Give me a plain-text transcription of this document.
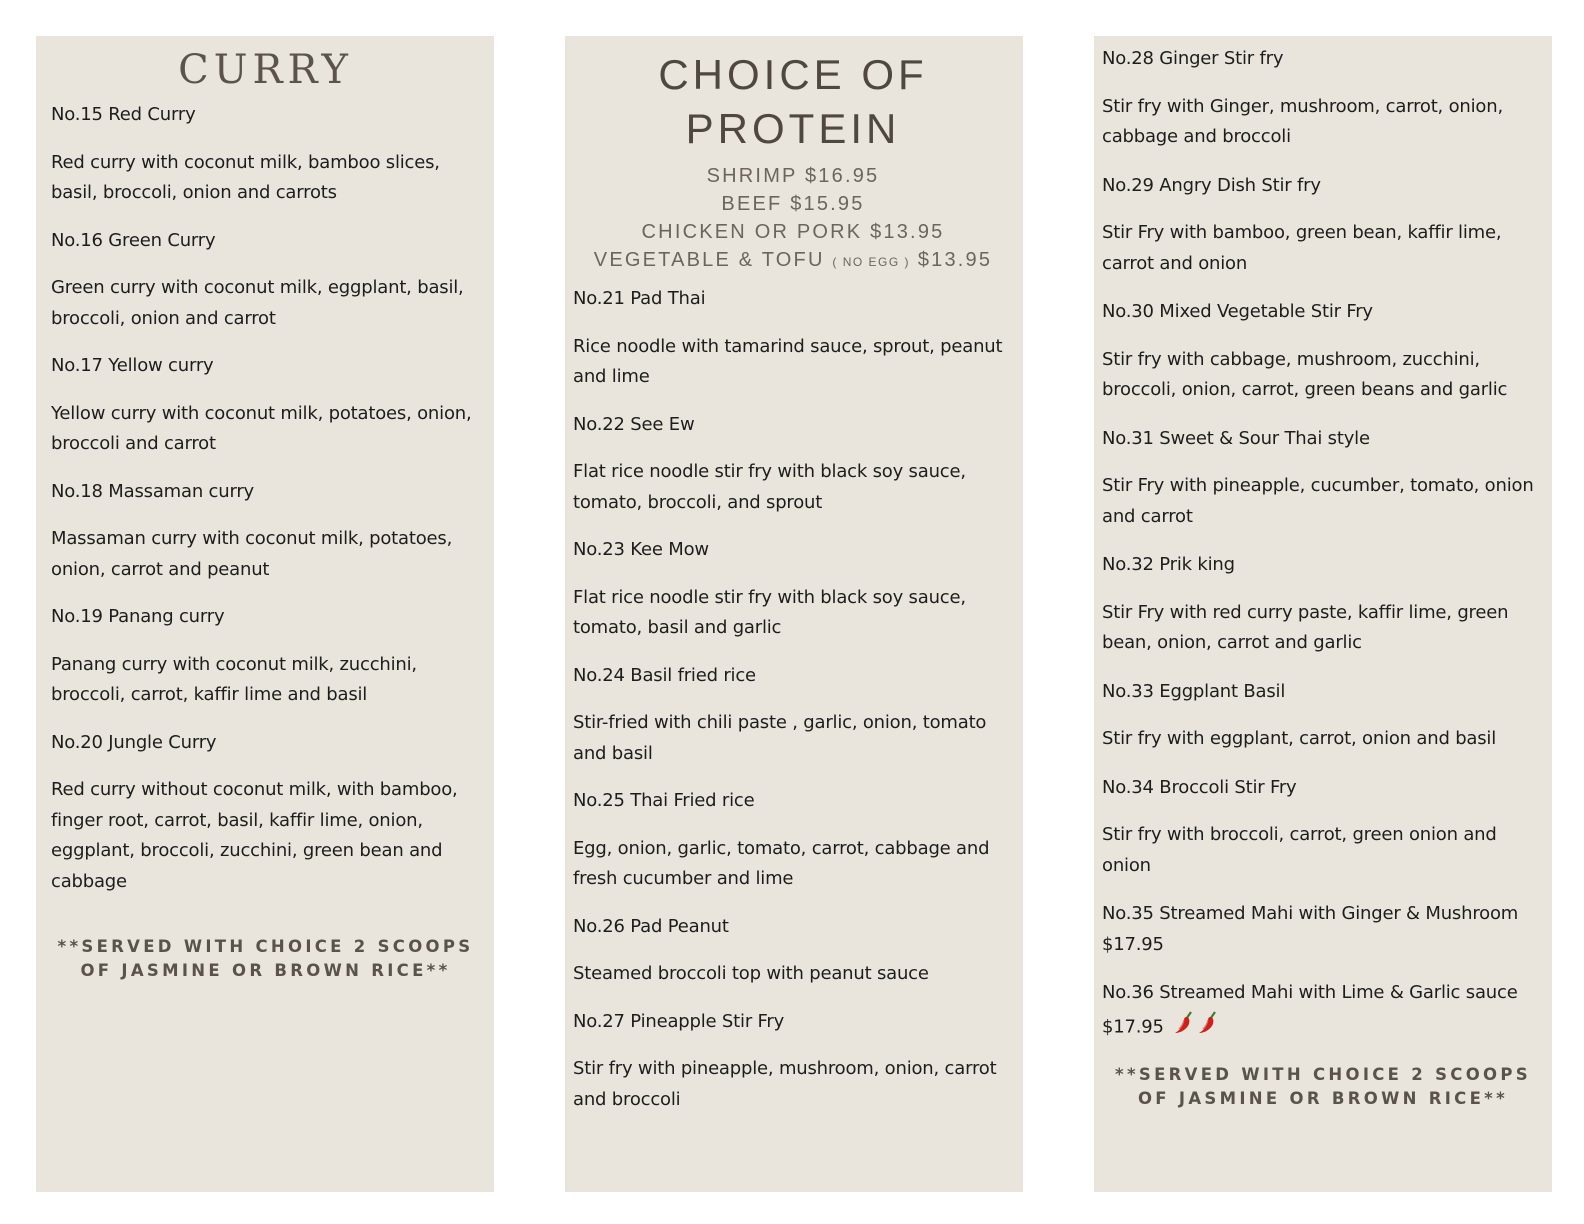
CURRY
No.15 Red Curry
Red curry with coconut milk, bamboo slices, basil, broccoli, onion and carrots
No.16 Green Curry
Green curry with coconut milk, eggplant, basil, broccoli, onion and carrot
No.17 Yellow curry
Yellow curry with coconut milk, potatoes, onion, broccoli and carrot
No.18 Massaman curry
Massaman curry with coconut milk, potatoes, onion, carrot and peanut
No.19 Panang curry
Panang curry with coconut milk, zucchini, broccoli, carrot, kaffir lime and basil
No.20 Jungle Curry
Red curry without coconut milk, with bamboo, finger root, carrot, basil, kaffir lime, onion, eggplant, broccoli, zucchini, green bean and cabbage
**SERVED WITH CHOICE 2 SCOOPS OF JASMINE OR BROWN RICE**
CHOICE OF
PROTEIN
SHRIMP $16.95
BEEF $15.95
CHICKEN OR PORK $13.95
VEGETABLE & TOFU ( NO EGG ) $13.95
No.21 Pad Thai
Rice noodle with tamarind sauce, sprout, peanut and lime
No.22 See Ew
Flat rice noodle stir fry with black soy sauce, tomato, broccoli, and sprout
No.23 Kee Mow
Flat rice noodle stir fry with black soy sauce, tomato, basil and garlic
No.24 Basil fried rice
Stir-fried with chili paste , garlic, onion, tomato and basil
No.25 Thai Fried rice
Egg, onion, garlic, tomato, carrot, cabbage and fresh cucumber and lime
No.26 Pad Peanut
Steamed broccoli top with peanut sauce
No.27 Pineapple Stir Fry
Stir fry with pineapple, mushroom, onion, carrot and broccoli
No.28 Ginger Stir fry
Stir fry with Ginger, mushroom, carrot, onion, cabbage and broccoli
No.29 Angry Dish Stir fry
Stir Fry with bamboo, green bean, kaffir lime, carrot and onion
No.30 Mixed Vegetable Stir Fry
Stir fry with cabbage, mushroom, zucchini, broccoli, onion, carrot, green beans and garlic
No.31 Sweet & Sour Thai style
Stir Fry with pineapple, cucumber, tomato, onion and carrot
No.32 Prik king
Stir Fry with red curry paste, kaffir lime, green bean, onion, carrot and garlic
No.33 Eggplant Basil
Stir fry with eggplant, carrot, onion and basil
No.34 Broccoli Stir Fry
Stir fry with broccoli, carrot, green onion and onion
No.35 Streamed Mahi with Ginger & Mushroom $17.95
No.36 Streamed Mahi with Lime & Garlic sauce $17.95
**SERVED WITH CHOICE 2 SCOOPS OF JASMINE OR BROWN RICE**
